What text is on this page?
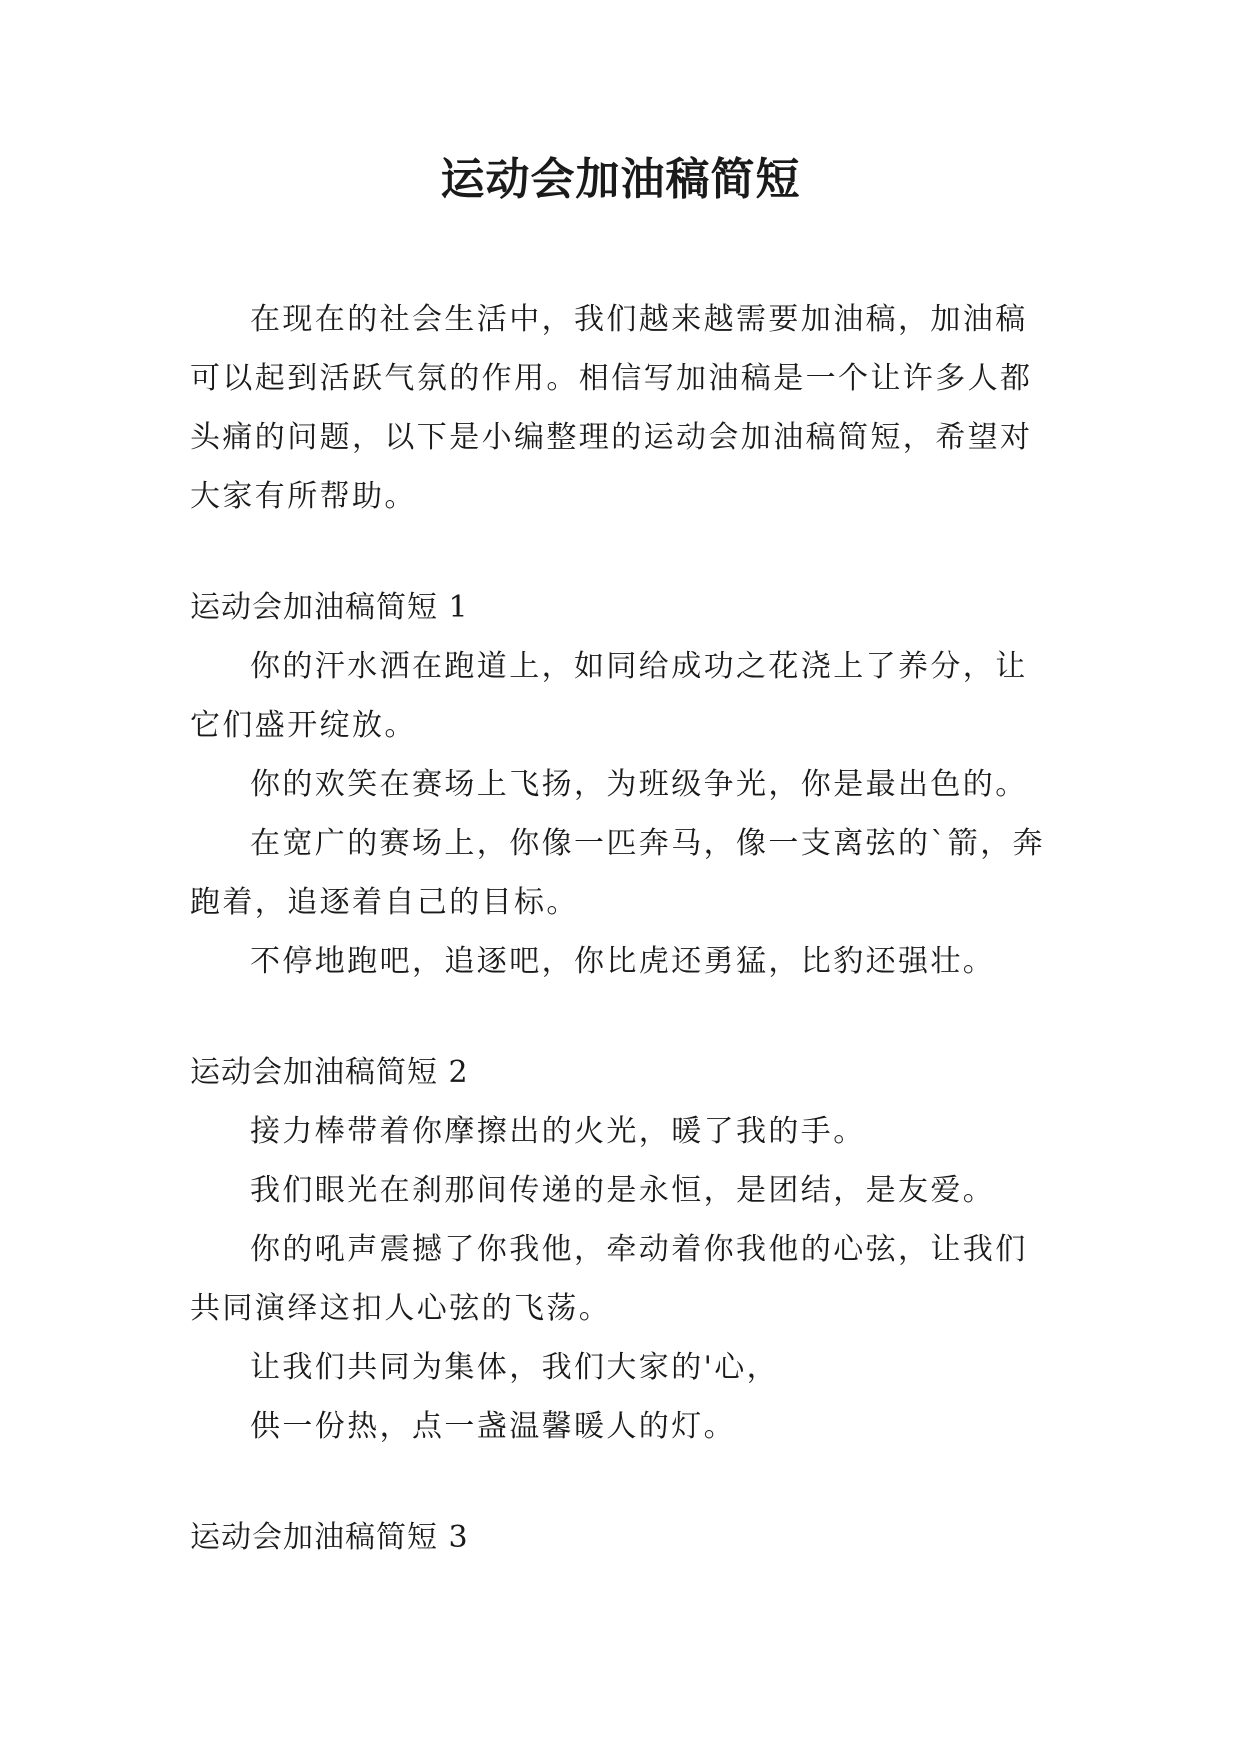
运动会加油稿简短

在现在的社会生活中，我们越来越需要加油稿，加油稿可以起到活跃气氛的作用。相信写加油稿是一个让许多人都头痛的问题，以下是小编整理的运动会加油稿简短，希望对大家有所帮助。

运动会加油稿简短 1

你的汗水洒在跑道上，如同给成功之花浇上了养分，让它们盛开绽放。

你的欢笑在赛场上飞扬，为班级争光，你是最出色的。

在宽广的赛场上，你像一匹奔马，像一支离弦的`箭，奔跑着，追逐着自己的目标。

不停地跑吧，追逐吧，你比虎还勇猛，比豹还强壮。

运动会加油稿简短 2

接力棒带着你摩擦出的火光，暖了我的手。

我们眼光在刹那间传递的是永恒，是团结，是友爱。

你的吼声震撼了你我他，牵动着你我他的心弦，让我们共同演绎这扣人心弦的飞荡。

让我们共同为集体，我们大家的'心，

供一份热，点一盏温馨暖人的灯。

运动会加油稿简短 3
